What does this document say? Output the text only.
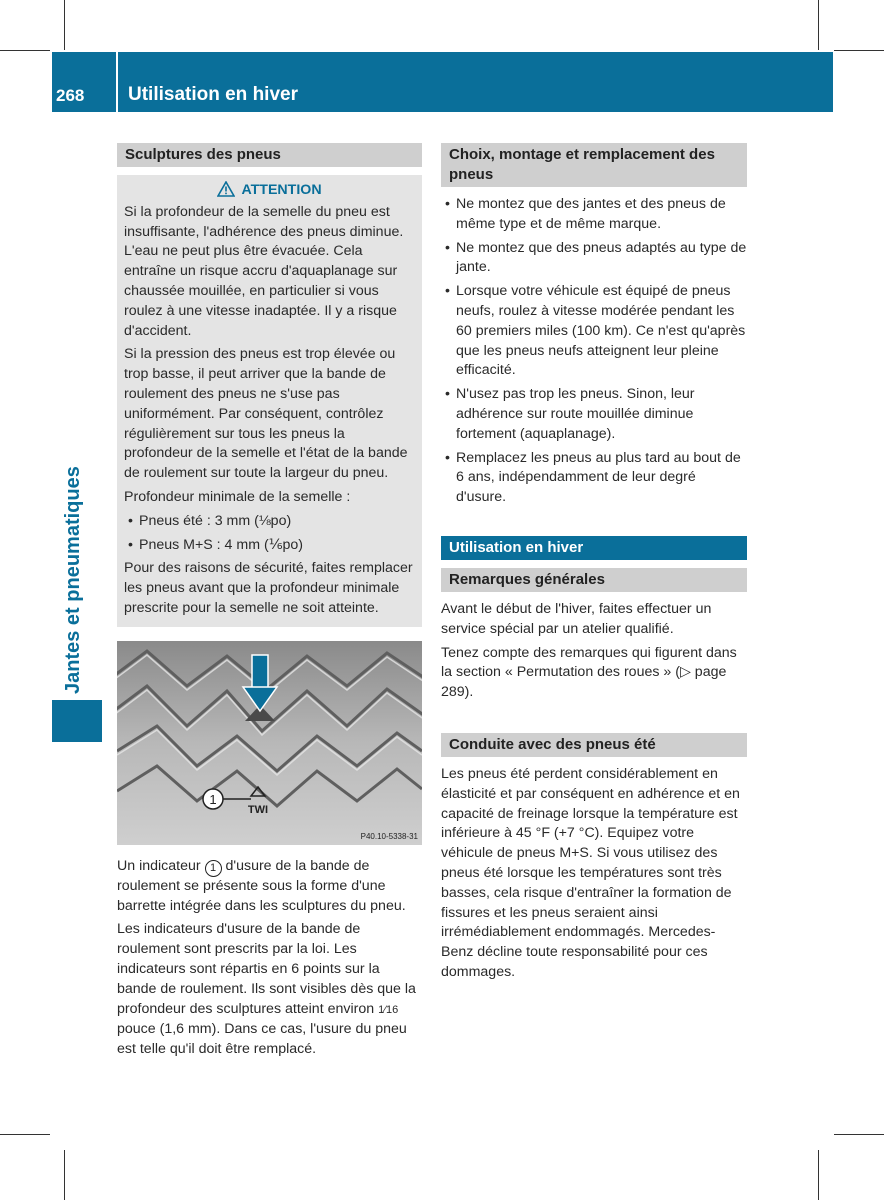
268	Utilisation en hiver
Jantes et pneumatiques
Sculptures des pneus
ATTENTION

Si la profondeur de la semelle du pneu est insuffisante, l'adhérence des pneus diminue. L'eau ne peut plus être évacuée. Cela entraîne un risque accru d'aquaplanage sur chaussée mouillée, en particulier si vous roulez à une vitesse inadaptée. Il y a risque d'accident.

Si la pression des pneus est trop élevée ou trop basse, il peut arriver que la bande de roulement des pneus ne s'use pas uniformément. Par conséquent, contrôlez régulièrement sur tous les pneus la profondeur de la semelle et l'état de la bande de roulement sur toute la largeur du pneu.

Profondeur minimale de la semelle :

• Pneus été : 3 mm (⅛po)
• Pneus M+S : 4 mm (⅙po)

Pour des raisons de sécurité, faites remplacer les pneus avant que la profondeur minimale prescrite pour la semelle ne soit atteinte.

1
TWI
P40.10-5338-31

Un indicateur 1 d'usure de la bande de roulement se présente sous la forme d'une barrette intégrée dans les sculptures du pneu.

Les indicateurs d'usure de la bande de roulement sont prescrits par la loi. Les indicateurs sont répartis en 6 points sur la bande de roulement. Ils sont visibles dès que la profondeur des sculptures atteint environ 1⁄16 pouce (1,6 mm). Dans ce cas, l'usure du pneu est telle qu'il doit être remplacé.

Choix, montage et remplacement des pneus
• Ne montez que des jantes et des pneus de même type et de même marque.
• Ne montez que des pneus adaptés au type de jante.
• Lorsque votre véhicule est équipé de pneus neufs, roulez à vitesse modérée pendant les 60 premiers miles (100 km). Ce n'est qu'après que les pneus neufs atteignent leur pleine efficacité.
• N'usez pas trop les pneus. Sinon, leur adhérence sur route mouillée diminue fortement (aquaplanage).
• Remplacez les pneus au plus tard au bout de 6 ans, indépendamment de leur degré d'usure.
Utilisation en hiver
Remarques générales

Avant le début de l'hiver, faites effectuer un service spécial par un atelier qualifié.

Tenez compte des remarques qui figurent dans la section « Permutation des roues » (▷ page 289).

Conduite avec des pneus été

Les pneus été perdent considérablement en élasticité et par conséquent en adhérence et en capacité de freinage lorsque la température est inférieure à 45 °F (+7 °C). Equipez votre véhicule de pneus M+S. Si vous utilisez des pneus été lorsque les températures sont très basses, cela risque d'entraîner la formation de fissures et les pneus seraient ainsi irrémédiablement endommagés. Mercedes-Benz décline toute responsabilité pour ces dommages.
